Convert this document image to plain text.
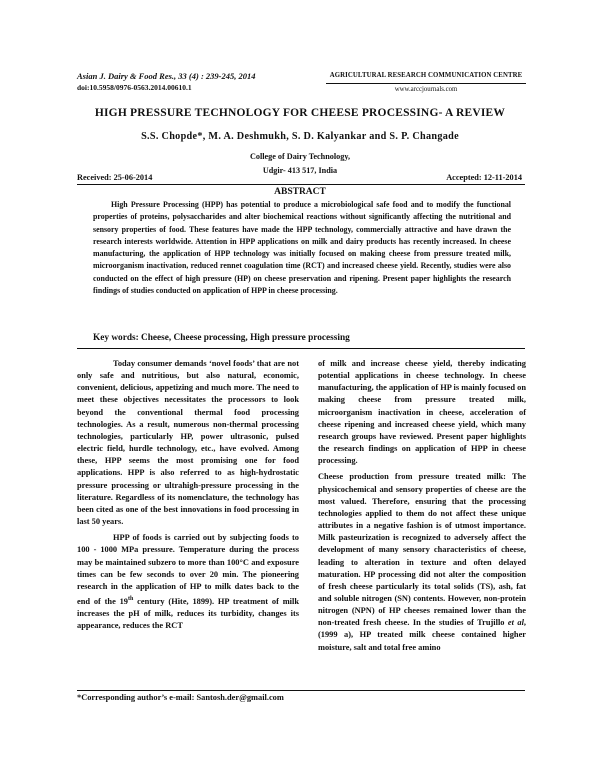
Asian J. Dairy & Food Res., 33 (4) : 239-245, 2014
doi:10.5958/0976-0563.2014.00610.1
AGRICULTURAL RESEARCH COMMUNICATION CENTRE
www.arccjournals.com
HIGH PRESSURE TECHNOLOGY FOR CHEESE PROCESSING- A REVIEW
S.S. Chopde*, M. A. Deshmukh, S. D. Kalyankar and S. P. Changade
College of Dairy Technology,
Udgir- 413 517, India
Received: 25-06-2014	Accepted: 12-11-2014
ABSTRACT
High Pressure Processing (HPP) has potential to produce a microbiological safe food and to modify the functional properties of proteins, polysaccharides and alter biochemical reactions without significantly affecting the nutritional and sensory properties of food. These features have made the HPP technology, commercially attractive and have drawn the research interests worldwide. Attention in HPP applications on milk and dairy products has recently increased. In cheese manufacturing, the application of HPP technology was initially focused on making cheese from pressure treated milk, microorganism inactivation, reduced rennet coagulation time (RCT) and increased cheese yield. Recently, studies were also conducted on the effect of high pressure (HP) on cheese preservation and ripening. Present paper highlights the research findings of studies conducted on application of HPP in cheese processing.
Key words: Cheese, Cheese processing, High pressure processing

Today consumer demands ‘novel foods’ that are not only safe and nutritious, but also natural, economic, convenient, delicious, appetizing and much more. The need to meet these objectives necessitates the processors to look beyond the conventional thermal food processing technologies. As a result, numerous non-thermal processing technologies, particularly HP, power ultrasonic, pulsed electric field, hurdle technology, etc., have evolved. Among these, HPP seems the most promising one for food applications. HPP is also referred to as high-hydrostatic pressure processing or ultrahigh-pressure processing in the literature. Regardless of its nomenclature, the technology has been cited as one of the best innovations in food processing in last 50 years.

HPP of foods is carried out by subjecting foods to 100 - 1000 MPa pressure. Temperature during the process may be maintained subzero to more than 100°C and exposure times can be few seconds to over 20 min. The pioneering research in the application of HP to milk dates back to the end of the 19th century (Hite, 1899). HP treatment of milk increases the pH of milk, reduces its turbidity, changes its appearance, reduces the RCT

of milk and increase cheese yield, thereby indicating potential applications in cheese technology. In cheese manufacturing, the application of HP is mainly focused on making cheese from pressure treated milk, microorganism inactivation in cheese, acceleration of cheese ripening and increased cheese yield, which many research groups have reviewed. Present paper highlights the research findings on application of HPP in cheese processing.

Cheese production from pressure treated milk: The physicochemical and sensory properties of cheese are the most valued. Therefore, ensuring that the processing technologies applied to them do not affect these unique attributes in a negative fashion is of utmost importance. Milk pasteurization is recognized to adversely affect the development of many sensory characteristics of cheese, leading to alteration in texture and often delayed maturation. HP processing did not alter the composition of fresh cheese particularly its total solids (TS), ash, fat and soluble nitrogen (SN) contents. However, non-protein nitrogen (NPN) of HP cheeses remained lower than the non-treated fresh cheese. In the studies of Trujillo et al, (1999 a), HP treated milk cheese contained higher moisture, salt and total free amino

*Corresponding author’s e-mail: Santosh.der@gmail.com
